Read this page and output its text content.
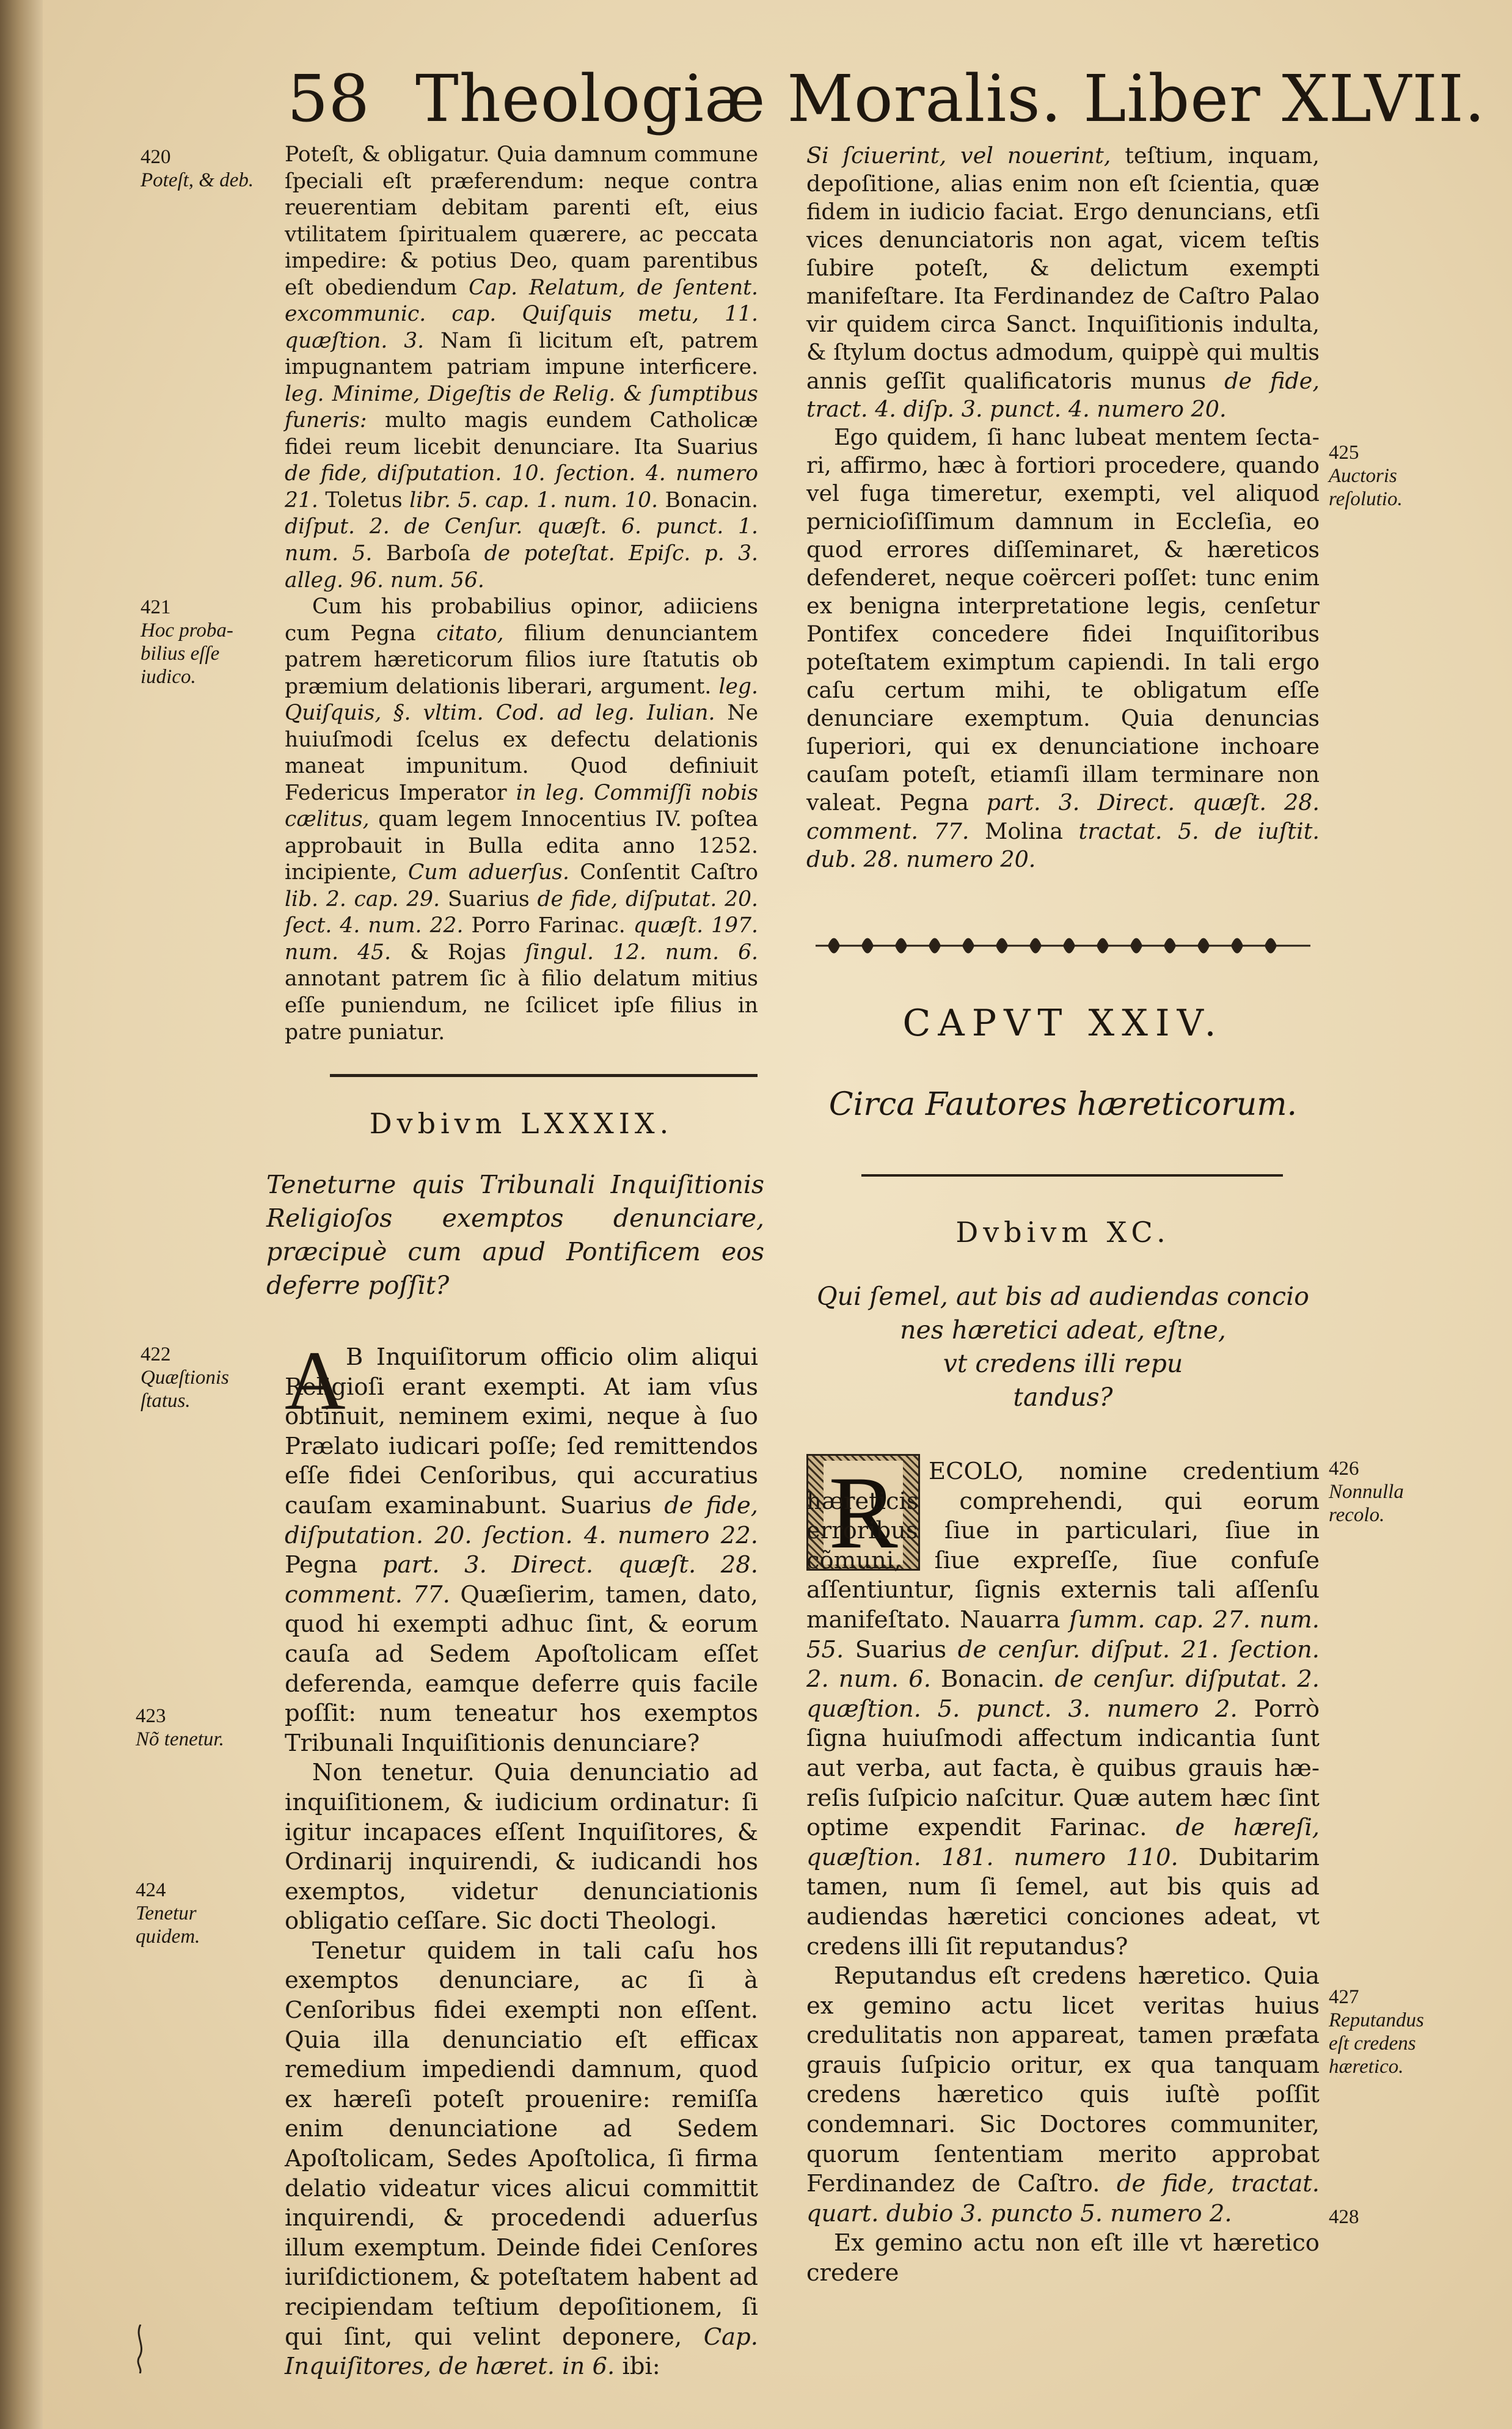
58 Theologiæ Moralis. Liber XLVII.

Poteſt, & obligatur. Quia damnum commune ſpeciali eſt præferendum: neque contra reuerentiam debitam parenti eſt, eius vtilitatem ſpiritualem quærere, ac peccata impedire: & potius Deo, quam parentibus eſt obediendum Cap. Relatum, de ſentent. excommunic. cap. Quiſquis metu, 11. quæſtion. 3. Nam ſi licitum eſt, patrem impugnantem patriam impune interficere. leg. Minime, Digeſtis de Relig. & ſumptibus funeris: multo magis eundem Catholicæ fidei reum licebit denunciare. Ita Suarius de fide, diſputation. 10. ſection. 4. numero 21. Toletus libr. 5. cap. 1. num. 10. Bonacin. diſput. 2. de Cenſur. quæſt. 6. punct. 1. num. 5. Barboſa de poteſtat. Epiſc. p. 3. alleg. 96. num. 56.

Cum his probabilius opinor, adiiciens cum Pegna citato, filium denunciantem patrem hæreticorum filios iure ſtatutis ob præmium delationis liberari, argument. leg. Quiſquis, §. vltim. Cod. ad leg. Iulian. Ne huiuſmodi ſcelus ex defectu delationis maneat impunitum. Quod definiuit Federicus Imperator in leg. Commiſſi nobis cælitus, quam legem Innocentius IV. poſtea approbauit in Bulla edita anno 1252. incipiente, Cum aduerſus. Conſentit Caſtro lib. 2. cap. 29. Suarius de fide, diſputat. 20. ſect. 4. num. 22. Porro Farinac. quæſt. 197. num. 45. & Rojas ſingul. 12. num. 6. annotant patrem ſic à filio delatum mitius eſſe puniendum, ne ſcilicet ipſe filius in patre puniatur.

Dvbivm LXXXIX.

Teneturne quis Tribunali Inquiſitionis Religioſos exemptos denunciare, præcipuè cum apud Pontificem eos deferre poſſit?

A B Inquiſitorum officio olim aliqui Religioſi erant exempti. At iam vſus obtinuit, neminem eximi, neque à ſuo Prælato iudicari poſſe; ſed remittendos eſſe fidei Cenſoribus, qui accuratius cauſam examinabunt. Suarius de fide, diſputation. 20. ſection. 4. numero 22. Pegna part. 3. Direct. quæſt. 28. comment. 77. Quæſierim, tamen, dato, quod hi exempti adhuc ſint, & eorum cauſa ad Sedem Apoſtolicam eſſet deferenda, eamque deferre quis facile poſſit: num teneatur hos exemptos Tribunali Inquiſitionis denunciare?

Non tenetur. Quia denunciatio ad inquiſitionem, & iudicium ordinatur: ſi igitur incapaces eſſent Inquiſitores, & Ordinarij inquirendi, & iudicandi hos exemptos, videtur denunciationis obligatio ceſſare. Sic docti Theologi.

Tenetur quidem in tali caſu hos exemptos denunciare, ac ſi à Cenſoribus fidei exempti non eſſent. Quia illa denunciatio eſt efficax remedium impediendi damnum, quod ex hæreſi poteſt prouenire: remiſſa enim denunciatione ad Sedem Apoſtolicam, Sedes Apoſtolica, ſi firma delatio videatur vices alicui committit inquirendi, & procedendi aduerſus illum exemptum. Deinde fidei Cenſores iuriſdictionem, & poteſtatem habent ad recipiendam teſtium depoſitionem, ſi qui ſint, qui velint deponere, Cap. Inquiſitores, de hæret. in 6. ibi:

Si ſciuerint, vel nouerint, teſtium, inquam, depoſitione, alias enim non eſt ſcientia, quæ fidem in iudicio faciat. Ergo denuncians, etſi vices denunciatoris non agat, vicem teſtis ſubire poteſt, & delictum exempti manifeſtare. Ita Ferdinandez de Caſtro Palao vir quidem circa Sanct. Inquiſitionis indulta, & ſtylum doctus admodum, quippè qui multis annis geſſit qualificatoris munus de fide, tract. 4. diſp. 3. punct. 4. numero 20.

Ego quidem, ſi hanc lubeat mentem ſectari, affirmo, hæc à fortiori procedere, quando vel fuga timeretur, exempti, vel aliquod pernicioſiſſimum damnum in Eccleſia, eo quod errores diſſeminaret, & hæreticos defenderet, neque coërceri poſſet: tunc enim ex benigna interpretatione legis, cenſetur Pontifex concedere fidei Inquiſitoribus poteſtatem eximptum capiendi. In tali ergo caſu certum mihi, te obligatum eſſe denunciare exemptum. Quia denuncias ſuperiori, qui ex denunciatione inchoare cauſam poteſt, etiamſi illam terminare non valeat. Pegna part. 3. Direct. quæſt. 28. comment. 77. Molina tractat. 5. de iuſtit. dub. 28. numero 20.

CAPVT XXIV.
Circa Fautores hæreticorum.
Dvbivm XC.

Qui ſemel, aut bis ad audiendas concio

nes hæretici adeat, eſtne,

vt credens illi repu

tandus?

R	ECOLO, nomine credentium hæreticis comprehendi, qui eorum erroribus ſiue in particulari, ſiue in cõmuni, ſiue expreſſe, ſiue confuſe aſſentiuntur, ſignis externis tali aſſenſu manifeſtato. Nauarra ſumm. cap. 27. num. 55. Suarius de cenſur. diſput. 21. ſection. 2. num. 6. Bonacin. de cenſur. diſputat. 2. quæſtion. 5. punct. 3. numero 2. Porrò ſigna huiuſmodi affectum indicantia ſunt aut verba, aut facta, è quibus grauis hæreſis ſuſpicio naſcitur. Quæ autem hæc ſint optime expendit Farinac. de hæreſi, quæſtion. 181. numero 110. Dubitarim tamen, num ſi ſemel, aut bis quis ad audiendas hæretici conciones adeat, vt credens illi ſit reputandus?

Reputandus eſt credens hæretico. Quia ex gemino actu licet veritas huius credulitatis non appareat, tamen præfata grauis ſuſpicio oritur, ex qua tanquam credens hæretico quis iuſtè poſſit condemnari. Sic Doctores communiter, quorum ſententiam merito approbat Ferdinandez de Caſtro. de fide, tractat. quart. dubio 3. puncto 5. numero 2.

Ex gemino actu non eſt ille vt hæretico credere

420
Poteſt, & deb.
421
Hoc probabilius eſſe iudico.
422
Quæſtionis ſtatus.
423
Nõ tenetur.
424
Tenetur quidem.
425
Auctoris reſolutio.
426
Nonnulla recolo.
427
Reputandus eſt credens hæretico.
428
